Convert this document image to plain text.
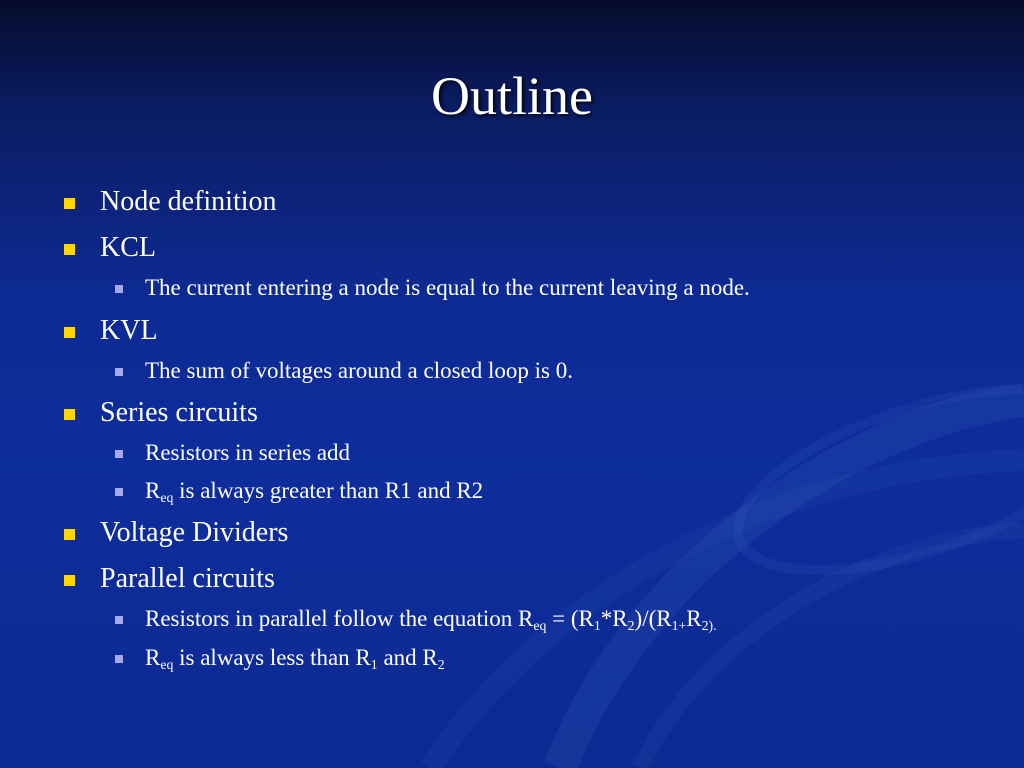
Outline
Node definition
KCL
The current entering a node is equal to the current leaving a node.
KVL
The sum of voltages around a closed loop is 0.
Series circuits
Resistors in series add
$R_{eq}$ is always greater than R1 and R2
Voltage Dividers
Parallel circuits
Resistors in parallel follow the equation $R_{eq} = (R_1*R_2)/(R_{1+}R_{2).}$
$R_{eq}$ is always less than $R_1$ and $R_2$
